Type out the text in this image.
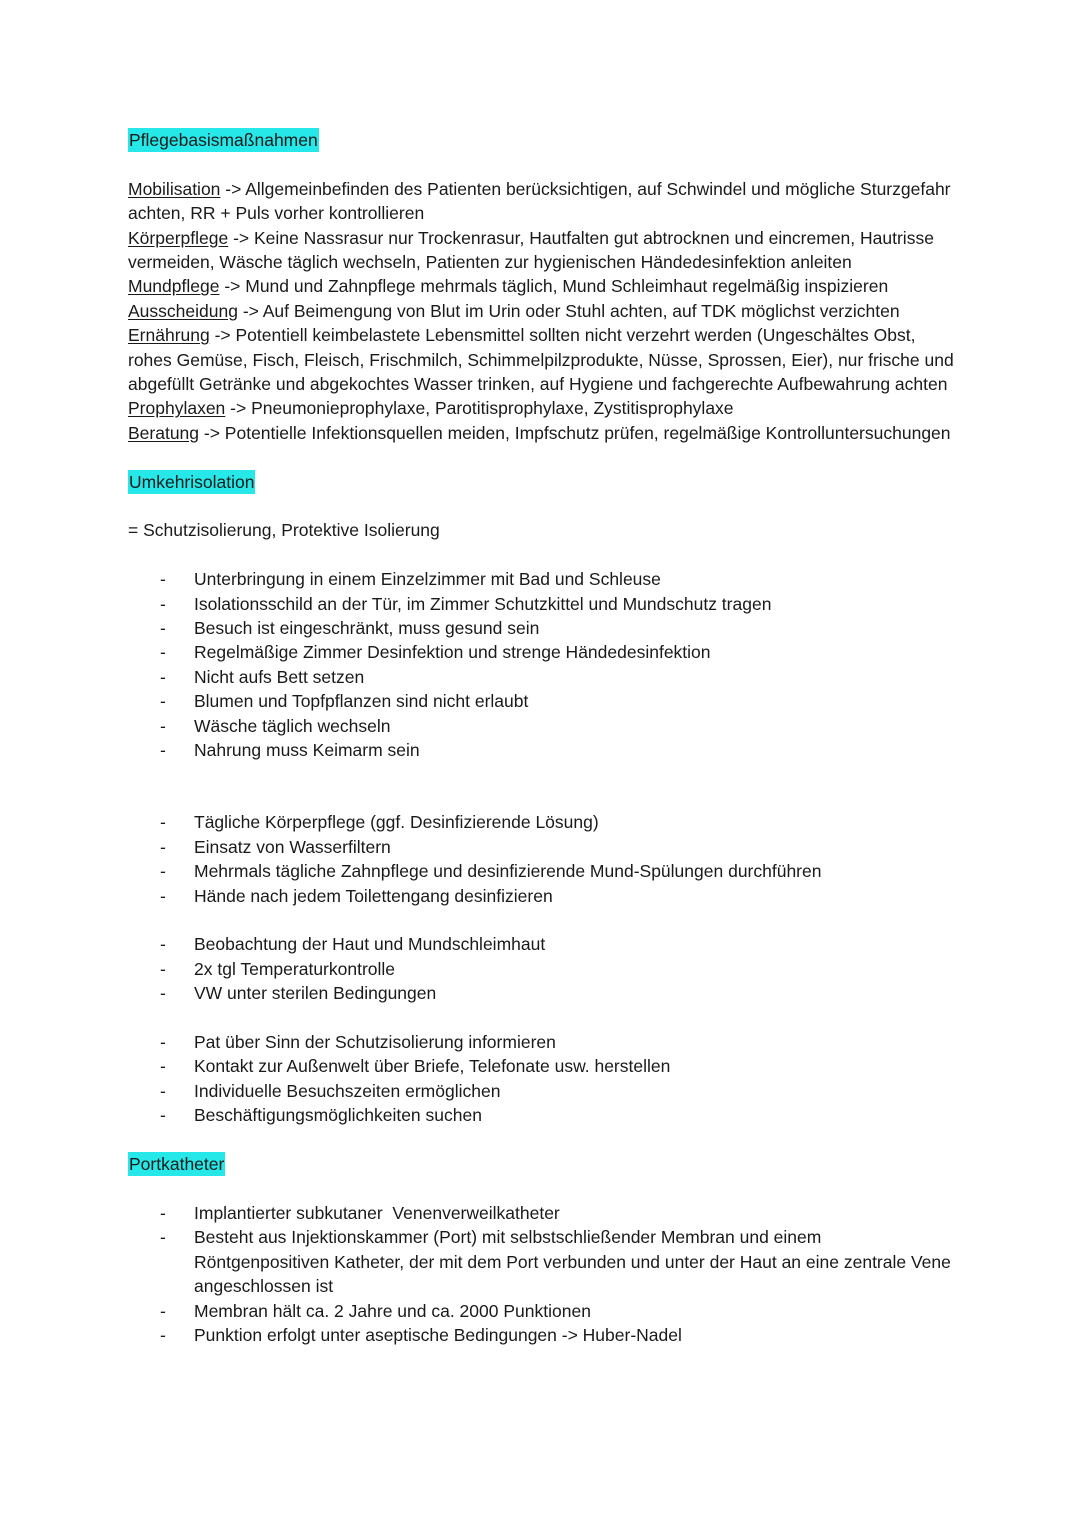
Pflegebasismaßnahmen

Mobilisation -> Allgemeinbefinden des Patienten berücksichtigen, auf Schwindel und mögliche Sturzgefahr achten, RR + Puls vorher kontrollieren

Körperpflege -> Keine Nassrasur nur Trockenrasur, Hautfalten gut abtrocknen und eincremen, Hautrisse vermeiden, Wäsche täglich wechseln, Patienten zur hygienischen Händedesinfektion anleiten

Mundpflege -> Mund und Zahnpflege mehrmals täglich, Mund Schleimhaut regelmäßig inspizieren

Ausscheidung -> Auf Beimengung von Blut im Urin oder Stuhl achten, auf TDK möglichst verzichten

Ernährung -> Potentiell keimbelastete Lebensmittel sollten nicht verzehrt werden (Ungeschältes Obst, rohes Gemüse, Fisch, Fleisch, Frischmilch, Schimmelpilzprodukte, Nüsse, Sprossen, Eier), nur frische und abgefüllt Getränke und abgekochtes Wasser trinken, auf Hygiene und fachgerechte Aufbewahrung achten

Prophylaxen -> Pneumonieprophylaxe, Parotitisprophylaxe, Zystitisprophylaxe

Beratung -> Potentielle Infektionsquellen meiden, Impfschutz prüfen, regelmäßige Kontrolluntersuchungen

Umkehrisolation

= Schutzisolierung, Protektive Isolierung

- Unterbringung in einem Einzelzimmer mit Bad und Schleuse
- Isolationsschild an der Tür, im Zimmer Schutzkittel und Mundschutz tragen
- Besuch ist eingeschränkt, muss gesund sein
- Regelmäßige Zimmer Desinfektion und strenge Händedesinfektion
- Nicht aufs Bett setzen
- Blumen und Topfpflanzen sind nicht erlaubt
- Wäsche täglich wechseln
- Nahrung muss Keimarm sein
- Tägliche Körperpflege (ggf. Desinfizierende Lösung)
- Einsatz von Wasserfiltern
- Mehrmals tägliche Zahnpflege und desinfizierende Mund-Spülungen durchführen
- Hände nach jedem Toilettengang desinfizieren
- Beobachtung der Haut und Mundschleimhaut
- 2x tgl Temperaturkontrolle
- VW unter sterilen Bedingungen
- Pat über Sinn der Schutzisolierung informieren
- Kontakt zur Außenwelt über Briefe, Telefonate usw. herstellen
- Individuelle Besuchszeiten ermöglichen
- Beschäftigungsmöglichkeiten suchen
Portkatheter
- Implantierter subkutaner  Venenverweilkatheter
- Besteht aus Injektionskammer (Port) mit selbstschließender Membran und einem Röntgenpositiven Katheter, der mit dem Port verbunden und unter der Haut an eine zentrale Vene angeschlossen ist
- Membran hält ca. 2 Jahre und ca. 2000 Punktionen
- Punktion erfolgt unter aseptische Bedingungen -> Huber-Nadel
